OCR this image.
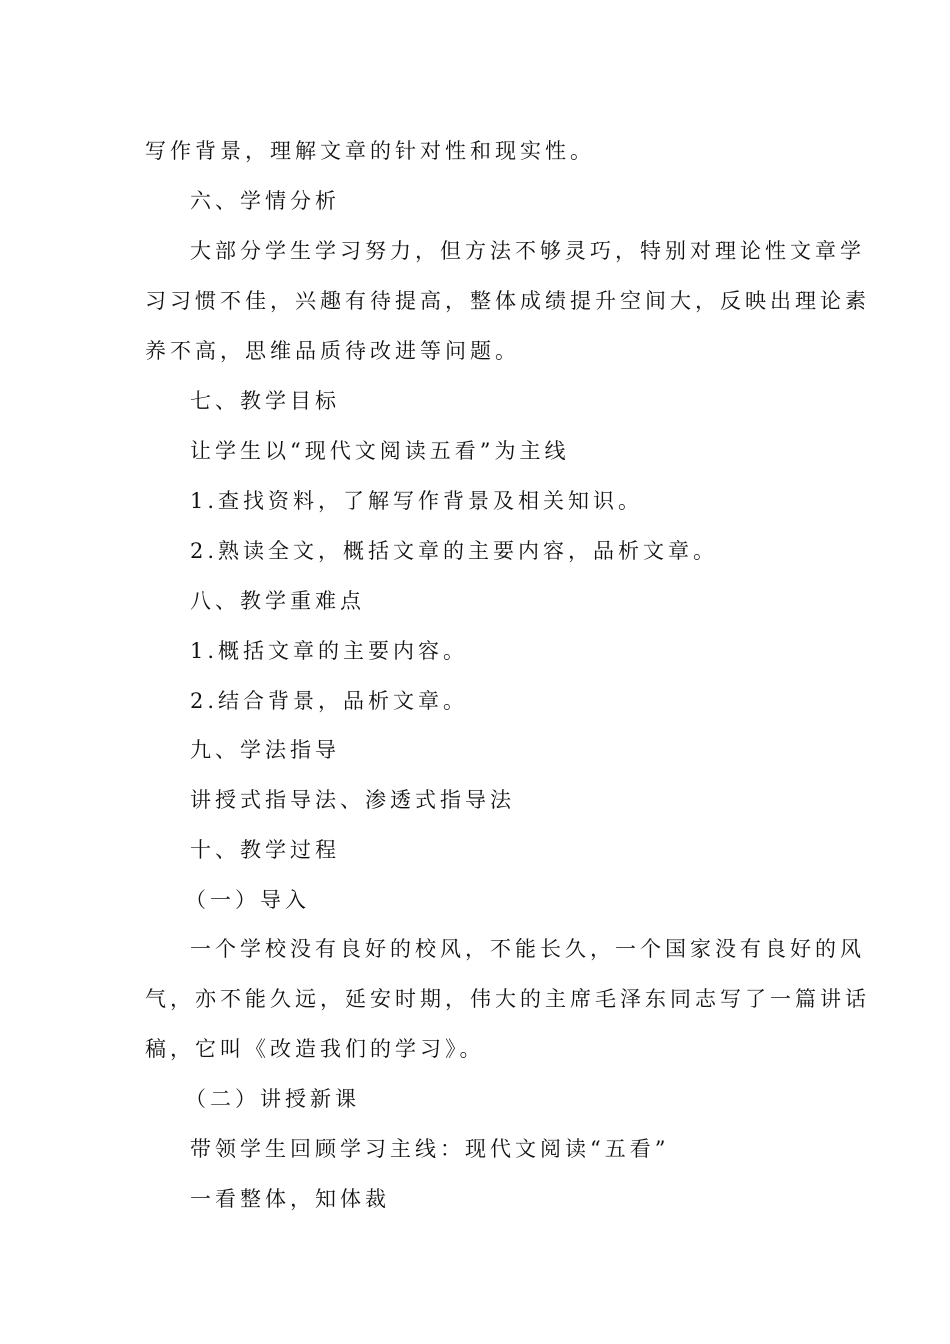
写作背景，理解文章的针对性和现实性。
六、学情分析
大部分学生学习努力，但方法不够灵巧，特别对理论性文章学
习习惯不佳，兴趣有待提高，整体成绩提升空间大，反映出理论素
养不高，思维品质待改进等问题。
七、教学目标
让学生以“现代文阅读五看”为主线
1.查找资料，了解写作背景及相关知识。
2.熟读全文，概括文章的主要内容，品析文章。
八、教学重难点
1.概括文章的主要内容。
2.结合背景，品析文章。
九、学法指导
讲授式指导法、渗透式指导法
十、教学过程
（一）导入
一个学校没有良好的校风，不能长久，一个国家没有良好的风
气，亦不能久远，延安时期，伟大的主席毛泽东同志写了一篇讲话
稿，它叫《改造我们的学习》。
（二）讲授新课
带领学生回顾学习主线：现代文阅读“五看”
一看整体，知体裁
